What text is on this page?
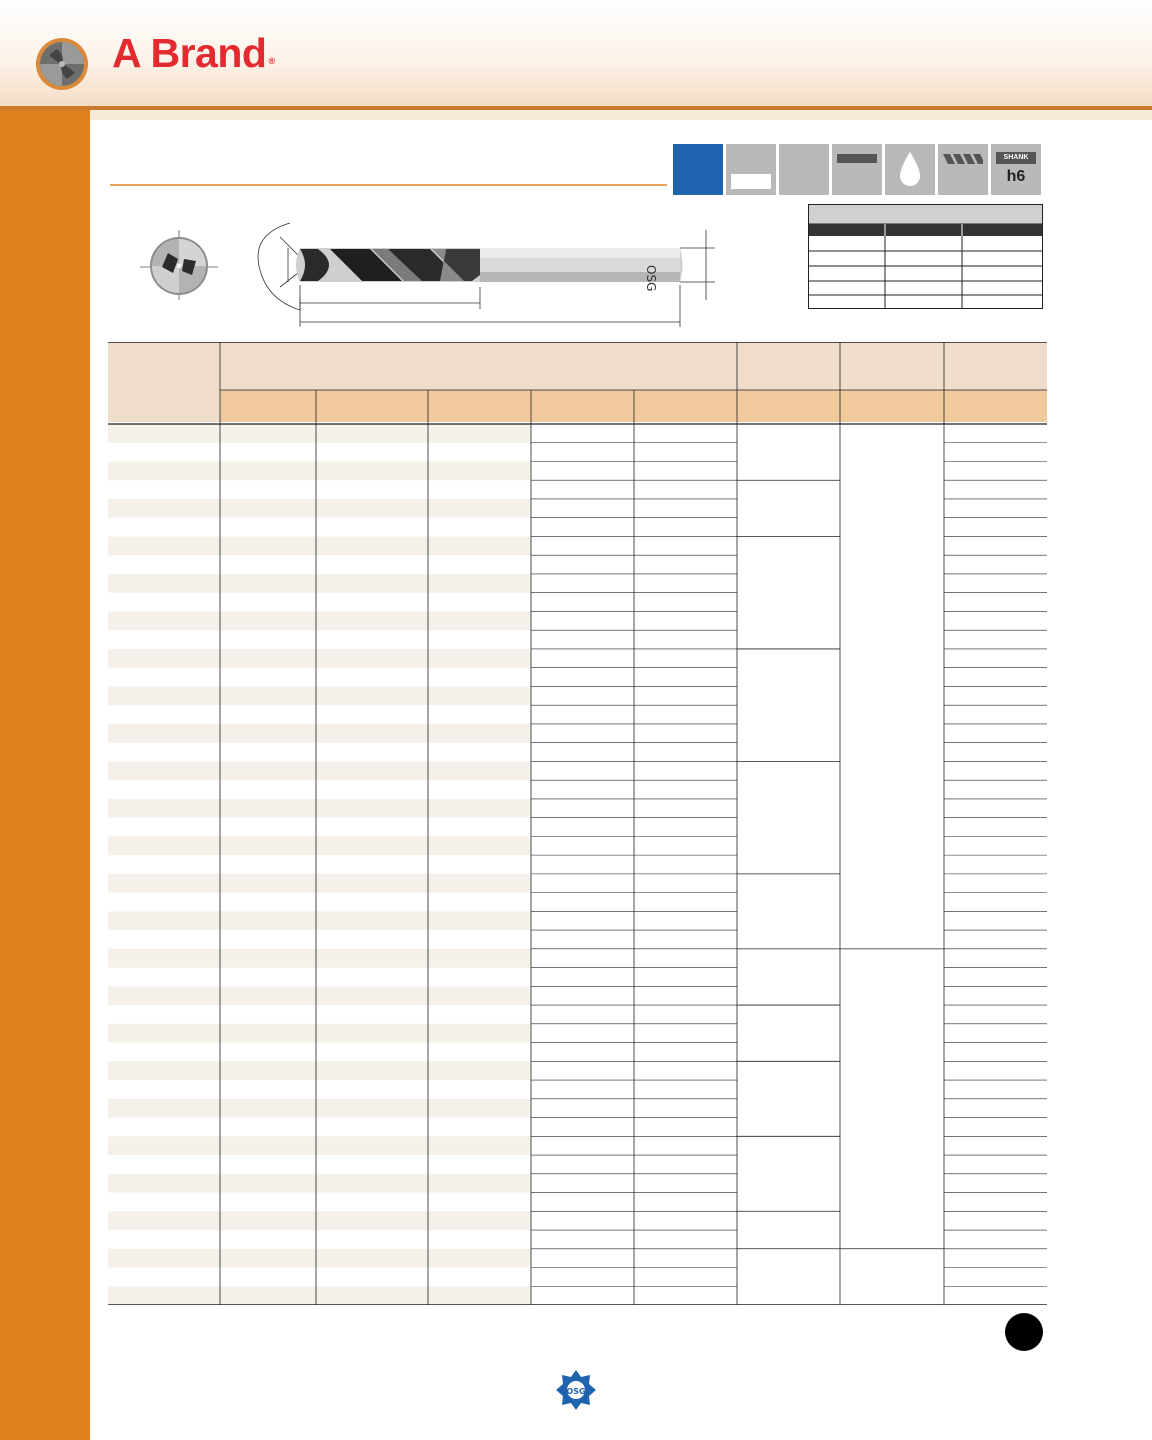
A Brand ®
SHANK
h6
OSG
OSG
